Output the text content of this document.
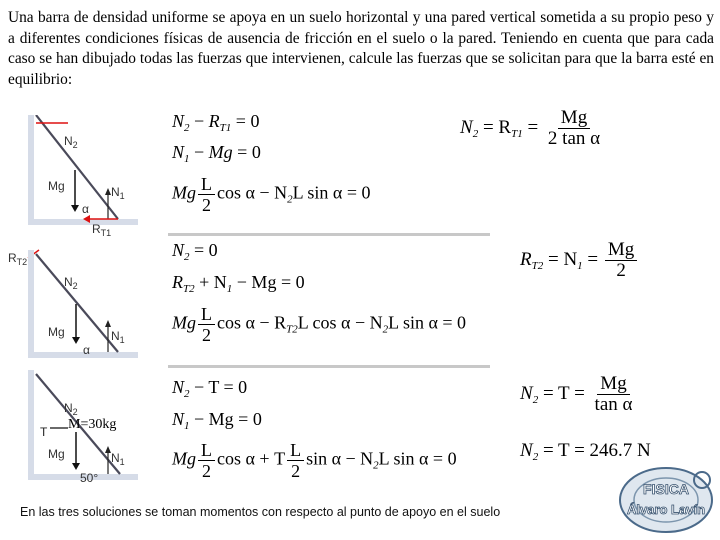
Una barra de densidad uniforme se apoya en un suelo horizontal y una pared vertical sometida a su propio peso y a diferentes condiciones físicas de ausencia de fricción en el suelo o la pared. Teniendo en cuenta que para cada caso se han dibujado todas las fuerzas que intervienen, calcule las fuerzas que se solicitan para que la barra esté en equilibrio:
$N_2$
Mg	$N_1$
α
$R_{T1}$
$R_{T2}$
$N_2$
Mg	$N_1$
α
$N_2$
T
Mg	$N_1$
50°
M=30kg
$N_2 - R_{T1} = 0$
$N_1 - Mg = 0$
Mg $\frac{L}{2}$ $\cos \alpha - N_2L$ sin α = 0
$N_2 = R_{T1} = \frac{Mg}{\text{2 tan α}}$
$N_2 = 0$
$R_{T2} + N_1 - Mg = 0$
Mg $\frac{L}{2}$ $\cos \alpha - R_{T2}L$ $\cos \alpha - N_2L$ sin α = 0
$R_{T2} = N_1 = \frac{Mg}{2}$
$N_2 - T = 0$
$N_1 - Mg = 0$
Mg $\frac{L}{2}$ cos α + T $\frac{L}{2}$ $\sin \alpha - N_2L$ sin α = 0
$N_2 = T = \frac{Mg}{\text{tan α}}$
$N_2 = T = 246.7$ N
En las tres soluciones se toman momentos con respecto al punto de apoyo en el suelo
FISICA
Álvaro Lavín
